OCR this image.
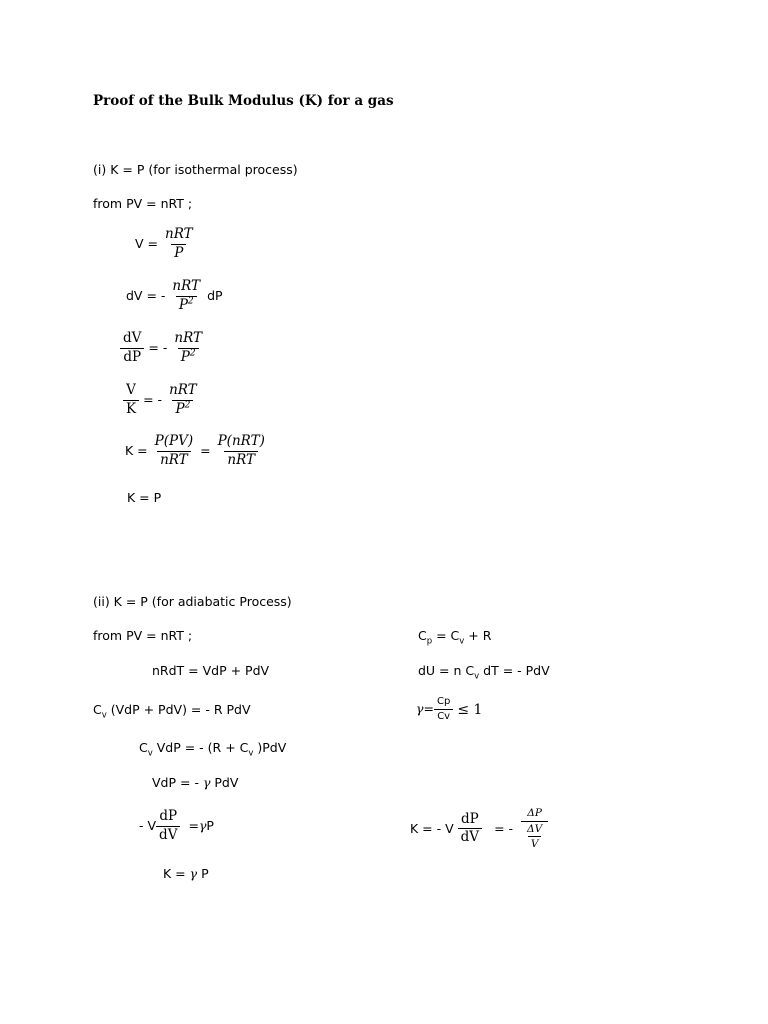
Proof of the Bulk Modulus (K) for a gas
(i) K = P (for isothermal process)
from PV = nRT ;
$V = \frac{\text{nRT}}{P}$
dV = - $\frac{\text{nRT}}{P^2}$ dP
$\frac{dV}{dP}$ = - $\frac{\text{nRT}}{P^2}$
$\frac{V}{K}$ = - $\frac{\text{nRT}}{P^2}$
$K = \frac{P(PV)}{\text{nRT}} = \frac{\text{P(nRT)}}{\text{nRT}}$
K = P
(ii) K = P (for adiabatic Process)
from PV = nRT ;
nRdT = VdP + PdV
$C_v$ (VdP + PdV) = - R PdV
$C_v$ VdP = - ($R + C_v$ )PdV
VdP = - γ PdV
- V $\frac{dP}{dV} = \gamma$ P
K = γ P
$C_p = C_v + R$
dU = n $C_v$ dT = - PdV
$\gamma = \frac{Cp}{Cv} \le 1$
K = - V $\frac{dP}{dV}$ = - $\frac{\Delta P}{\frac{\Delta V}{V}}$
